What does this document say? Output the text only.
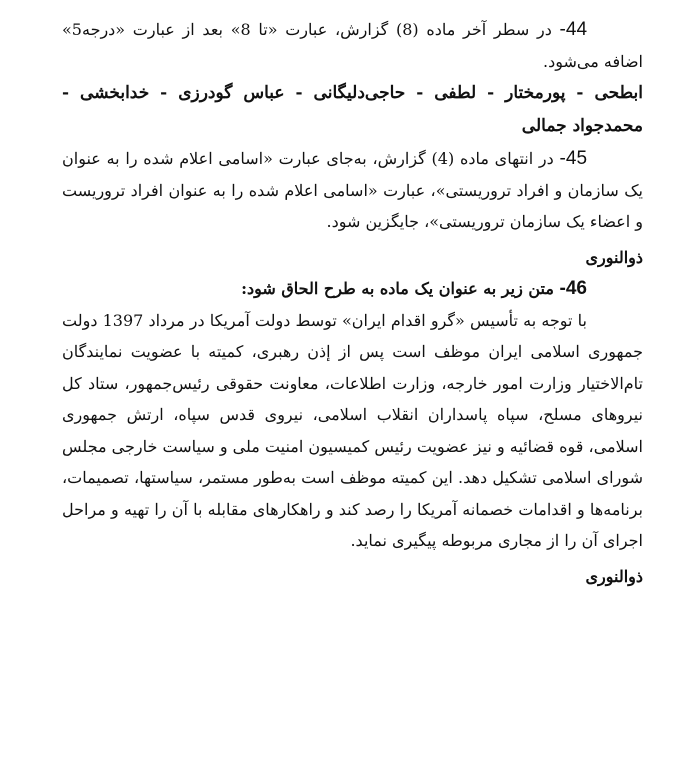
44- در سطر آخر ماده (8) گزارش، عبارت «تا 8» بعد از عبارت «درجه5» اضافه می‌شود.

ابطحی - پورمختار - لطفی - حاجی‌دلیگانی - عباس گودرزی - خدابخشی - محمدجواد جمالی

45- در انتهای ماده (4) گزارش، به‌جای عبارت «اسامی اعلام شده را به عنوان یک سازمان و افراد تروریستی»، عبارت «اسامی اعلام شده را به عنوان افراد تروریست و اعضاء یک سازمان تروریستی»، جایگزین شود.

ذوالنوری

46- متن زیر به عنوان یک ماده به طرح الحاق شود:

با توجه به تأسیس «گرو اقدام ایران» توسط دولت آمریکا در مرداد 1397 دولت جمهوری اسلامی ایران موظف است پس از إذن رهبری، کمیته با عضویت نمایندگان تام‌الاختیار وزارت امور خارجه، وزارت اطلاعات، معاونت حقوقی رئیس‌جمهور، ستاد کل نیروهای مسلح، سپاه پاسداران انقلاب اسلامی، نیروی قدس سپاه، ارتش جمهوری اسلامی، قوه قضائیه و نیز عضویت رئیس کمیسیون امنیت ملی و سیاست خارجی مجلس شورای اسلامی تشکیل دهد. این کمیته موظف است به‌طور مستمر، سیاستها، تصمیمات، برنامه‌ها و اقدامات خصمانه آمریکا را رصد کند و راهکارهای مقابله با آن را تهیه و مراحل اجرای آن را از مجاری مربوطه پیگیری نماید.

ذوالنوری
